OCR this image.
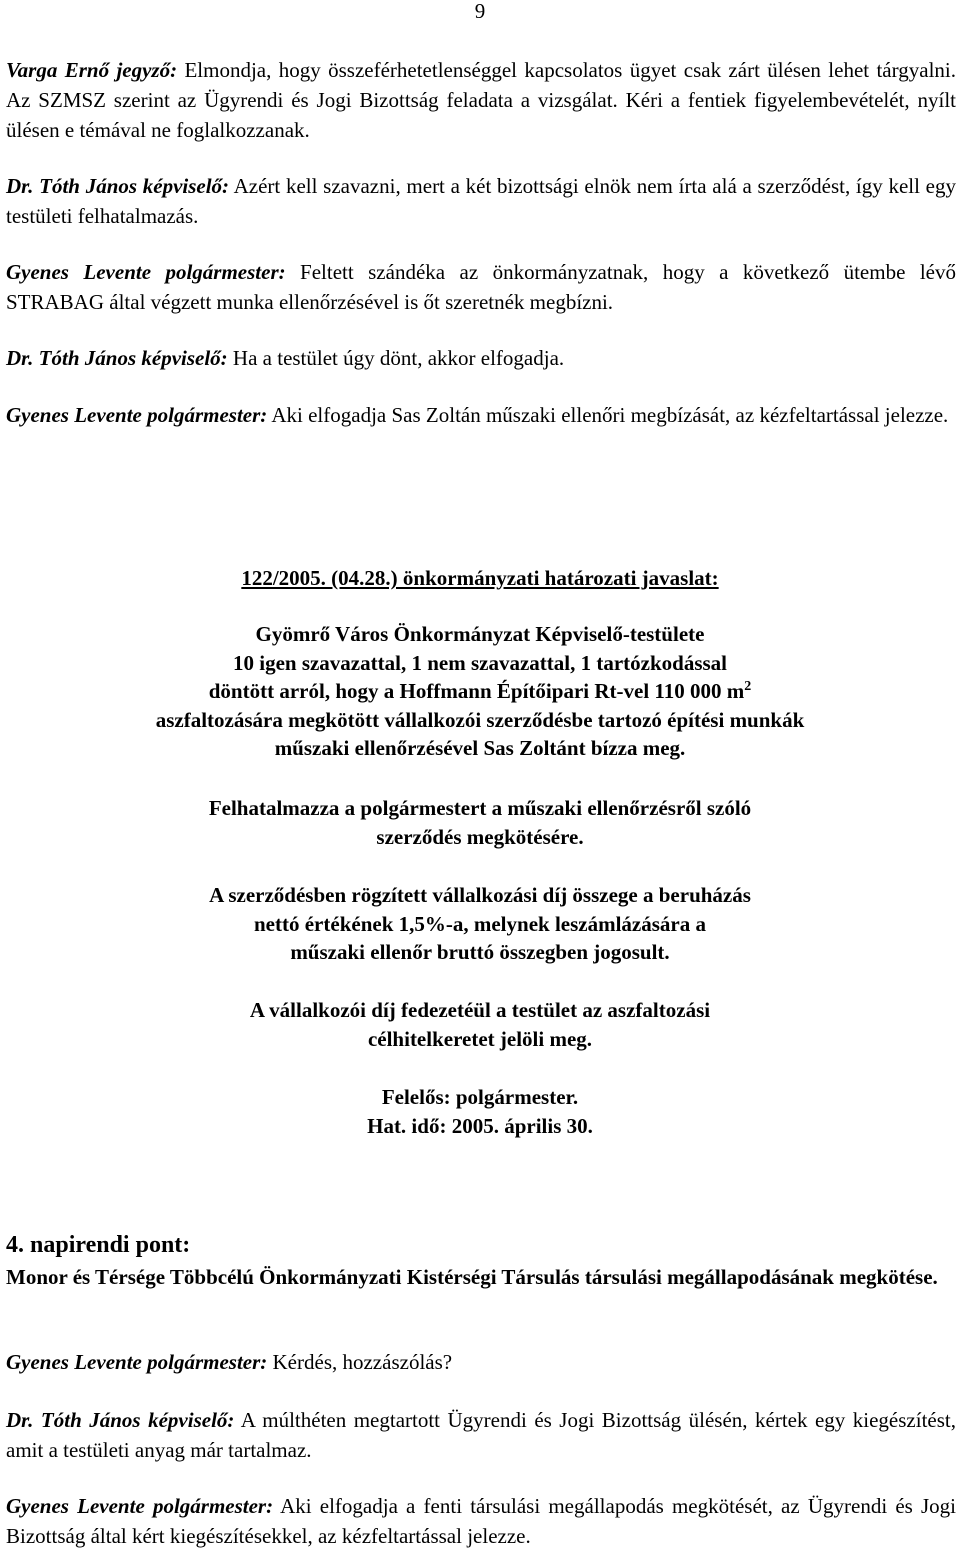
9

Varga Ernő jegyző: Elmondja, hogy összeférhetetlenséggel kapcsolatos ügyet csak zárt ülésen lehet tárgyalni. Az SZMSZ szerint az Ügyrendi és Jogi Bizottság feladata a vizsgálat. Kéri a fentiek figyelembevételét, nyílt ülésen e témával ne foglalkozzanak.

Dr. Tóth János képviselő: Azért kell szavazni, mert a két bizottsági elnök nem írta alá a szerződést, így kell egy testületi felhatalmazás.

Gyenes Levente polgármester: Feltett szándéka az önkormányzatnak, hogy a következő ütembe lévő STRABAG által végzett munka ellenőrzésével is őt szeretnék megbízni.

Dr. Tóth János képviselő: Ha a testület úgy dönt, akkor elfogadja.

Gyenes Levente polgármester: Aki elfogadja Sas Zoltán műszaki ellenőri megbízását, az kézfeltartással jelezze.

122/2005. (04.28.) önkormányzati határozati javaslat:
Gyömrő Város Önkormányzat Képviselő-testülete
10 igen szavazattal, 1 nem szavazattal, 1 tartózkodással
döntött arról, hogy a Hoffmann Építőipari Rt-vel 110 000 $m^2$
aszfaltozására megkötött vállalkozói szerződésbe tartozó építési munkák
műszaki ellenőrzésével Sas Zoltánt bízza meg.
Felhatalmazza a polgármestert a műszaki ellenőrzésről szóló
szerződés megkötésére.
A szerződésben rögzített vállalkozási díj összege a beruházás
nettó értékének 1,5%-a, melynek leszámlázására a
műszaki ellenőr bruttó összegben jogosult.
A vállalkozói díj fedezetéül a testület az aszfaltozási
célhitelkeretet jelöli meg.
Felelős: polgármester.
Hat. idő: 2005. április 30.
4. napirendi pont:

Monor és Térsége Többcélú Önkormányzati Kistérségi Társulás társulási megállapodásának megkötése.

Gyenes Levente polgármester: Kérdés, hozzászólás?

Dr. Tóth János képviselő: A múlthéten megtartott Ügyrendi és Jogi Bizottság ülésén, kértek egy kiegészítést, amit a testületi anyag már tartalmaz.

Gyenes Levente polgármester: Aki elfogadja a fenti társulási megállapodás megkötését, az Ügyrendi és Jogi Bizottság által kért kiegészítésekkel, az kézfeltartással jelezze.
